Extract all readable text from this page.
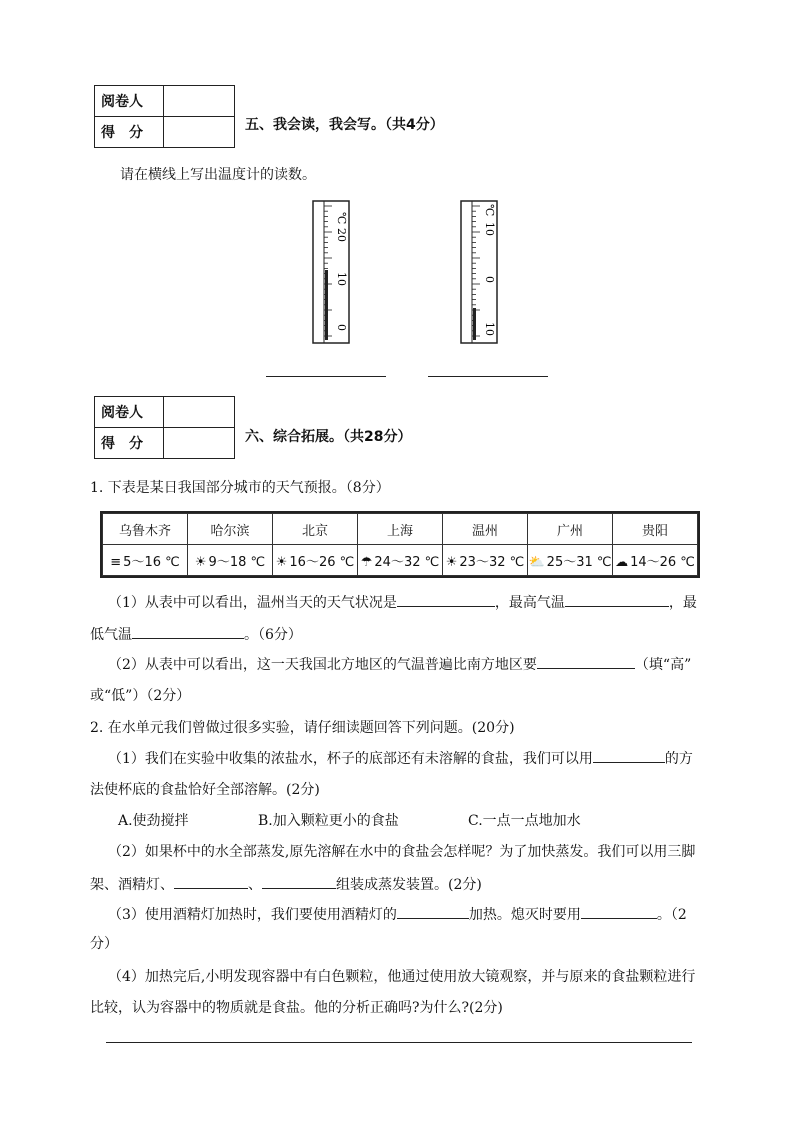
阅卷人	
得　分		五、我会读，我会写。（共4分）
请在横线上写出温度计的读数。
℃
20
10
0
℃
10
0
10
阅卷人	
得　分		六、综合拓展。（共28分）
1. 下表是某日我国部分城市的天气预报。（8分）
乌鲁木齐	哈尔滨	北京	上海	温州	广州	贵阳
≡ 5～16 ℃	☀ 9～18 ℃	☀ 16～26 ℃	☂ 24～32 ℃	☀ 23～32 ℃	⛅ 25～31 ℃	☁ 14～26 ℃
（1）从表中可以看出，温州当天的天气状况是	，最高气温	，最
低气温	。（6分）
（2）从表中可以看出，这一天我国北方地区的气温普遍比南方地区要	（填“高”
或“低”）（2分）
2. 在水单元我们曾做过很多实验，请仔细读题回答下列问题。(20分)
（1）我们在实验中收集的浓盐水，杯子的底部还有未溶解的食盐，我们可以用	的方
法使杯底的食盐恰好全部溶解。(2分)
A.使劲搅拌	B.加入颗粒更小的食盐	C.一点一点地加水
（2）如果杯中的水全部蒸发,原先溶解在水中的食盐会怎样呢？为了加快蒸发。我们可以用三脚
架、酒精灯、	、	组装成蒸发装置。(2分)
（3）使用酒精灯加热时，我们要使用酒精灯的	加热。熄灭时要用	。（2
分）
（4）加热完后,小明发现容器中有白色颗粒，他通过使用放大镜观察，并与原来的食盐颗粒进行
比较，认为容器中的物质就是食盐。他的分析正确吗?为什么?(2分)
